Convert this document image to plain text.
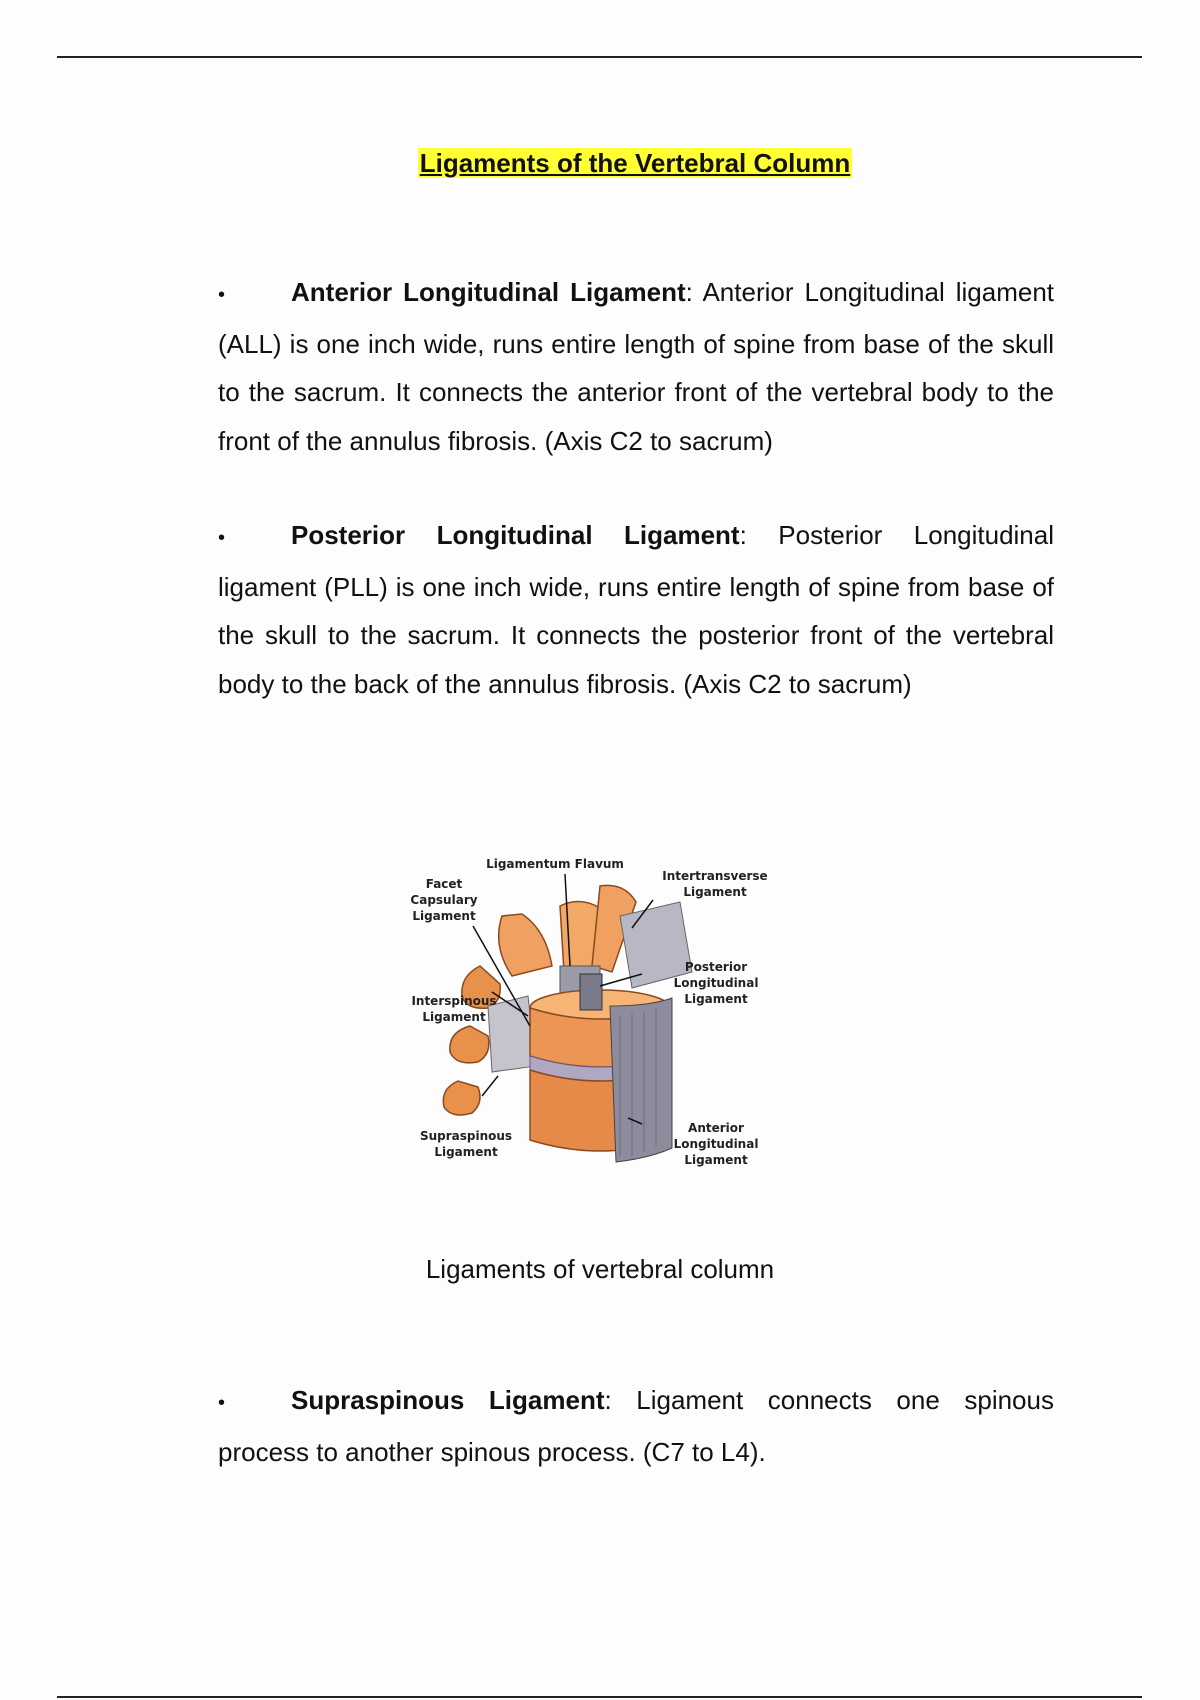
Ligaments of the Vertebral Column

•	Anterior Longitudinal Ligament: Anterior Longitudinal ligament (ALL) is one inch wide, runs entire length of spine from base of the skull to the sacrum. It connects the anterior front of the vertebral body to the front of the annulus fibrosis. (Axis C2 to sacrum)

•	Posterior Longitudinal Ligament: Posterior Longitudinal ligament (PLL) is one inch wide, runs entire length of spine from base of the skull to the sacrum. It connects the posterior front of the vertebral body to the back of the annulus fibrosis. (Axis C2 to sacrum)

Ligamentum Flavum
Facet
Capsulary
Ligament
Intertransverse
Ligament
Posterior
Longitudinal
Ligament
Interspinous
Ligament
Supraspinous
Ligament
Anterior
Longitudinal
Ligament
Ligaments of vertebral column

•	Supraspinous Ligament: Ligament connects one spinous process to another spinous process. (C7 to L4).
